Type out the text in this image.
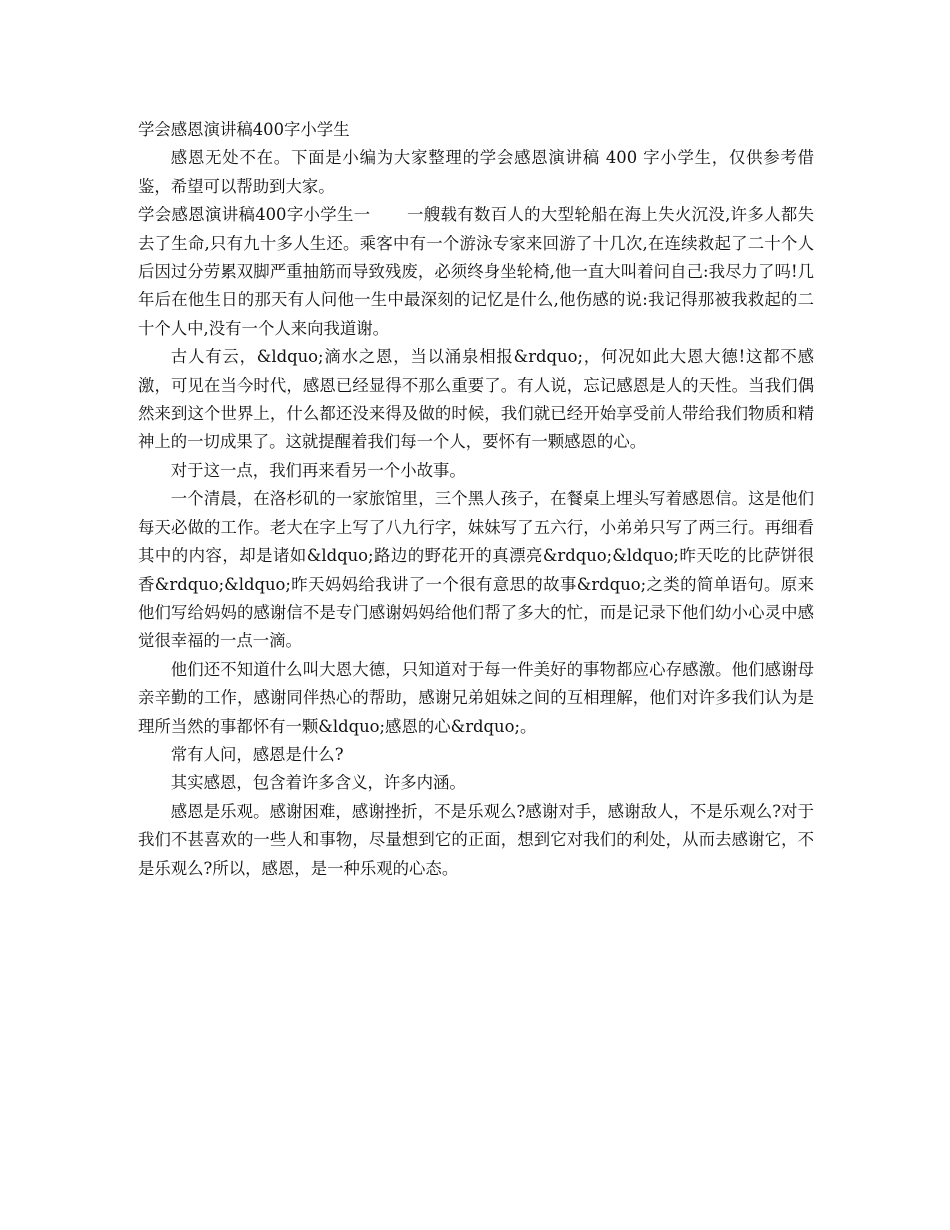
学会感恩演讲稿400字小学生

感恩无处不在。下面是小编为大家整理的学会感恩演讲稿 400 字小学生，仅供参考借鉴，希望可以帮助到大家。

学会感恩演讲稿400字小学生一 一艘载有数百人的大型轮船在海上失火沉没,许多人都失去了生命,只有九十多人生还。乘客中有一个游泳专家来回游了十几次,在连续救起了二十个人后因过分劳累双脚严重抽筋而导致残废，必须终身坐轮椅,他一直大叫着问自己:我尽力了吗!几年后在他生日的那天有人问他一生中最深刻的记忆是什么,他伤感的说:我记得那被我救起的二十个人中,没有一个人来向我道谢。

古人有云，&ldquo;滴水之恩，当以涌泉相报&rdquo;，何况如此大恩大德!这都不感激，可见在当今时代，感恩已经显得不那么重要了。有人说，忘记感恩是人的天性。当我们偶然来到这个世界上，什么都还没来得及做的时候，我们就已经开始享受前人带给我们物质和精神上的一切成果了。这就提醒着我们每一个人，要怀有一颗感恩的心。

对于这一点，我们再来看另一个小故事。

一个清晨，在洛杉矶的一家旅馆里，三个黑人孩子，在餐桌上埋头写着感恩信。这是他们每天必做的工作。老大在字上写了八九行字，妹妹写了五六行，小弟弟只写了两三行。再细看其中的内容，却是诸如&ldquo;路边的野花开的真漂亮&rdquo;&ldquo;昨天吃的比萨饼很香&rdquo;&ldquo;昨天妈妈给我讲了一个很有意思的故事&rdquo;之类的简单语句。原来他们写给妈妈的感谢信不是专门感谢妈妈给他们帮了多大的忙，而是记录下他们幼小心灵中感觉很幸福的一点一滴。

他们还不知道什么叫大恩大德，只知道对于每一件美好的事物都应心存感激。他们感谢母亲辛勤的工作，感谢同伴热心的帮助，感谢兄弟姐妹之间的互相理解，他们对许多我们认为是理所当然的事都怀有一颗&ldquo;感恩的心&rdquo;。

常有人问，感恩是什么?

其实感恩，包含着许多含义，许多内涵。

感恩是乐观。感谢困难，感谢挫折，不是乐观么?感谢对手，感谢敌人，不是乐观么?对于我们不甚喜欢的一些人和事物，尽量想到它的正面，想到它对我们的利处，从而去感谢它，不是乐观么?所以，感恩，是一种乐观的心态。
